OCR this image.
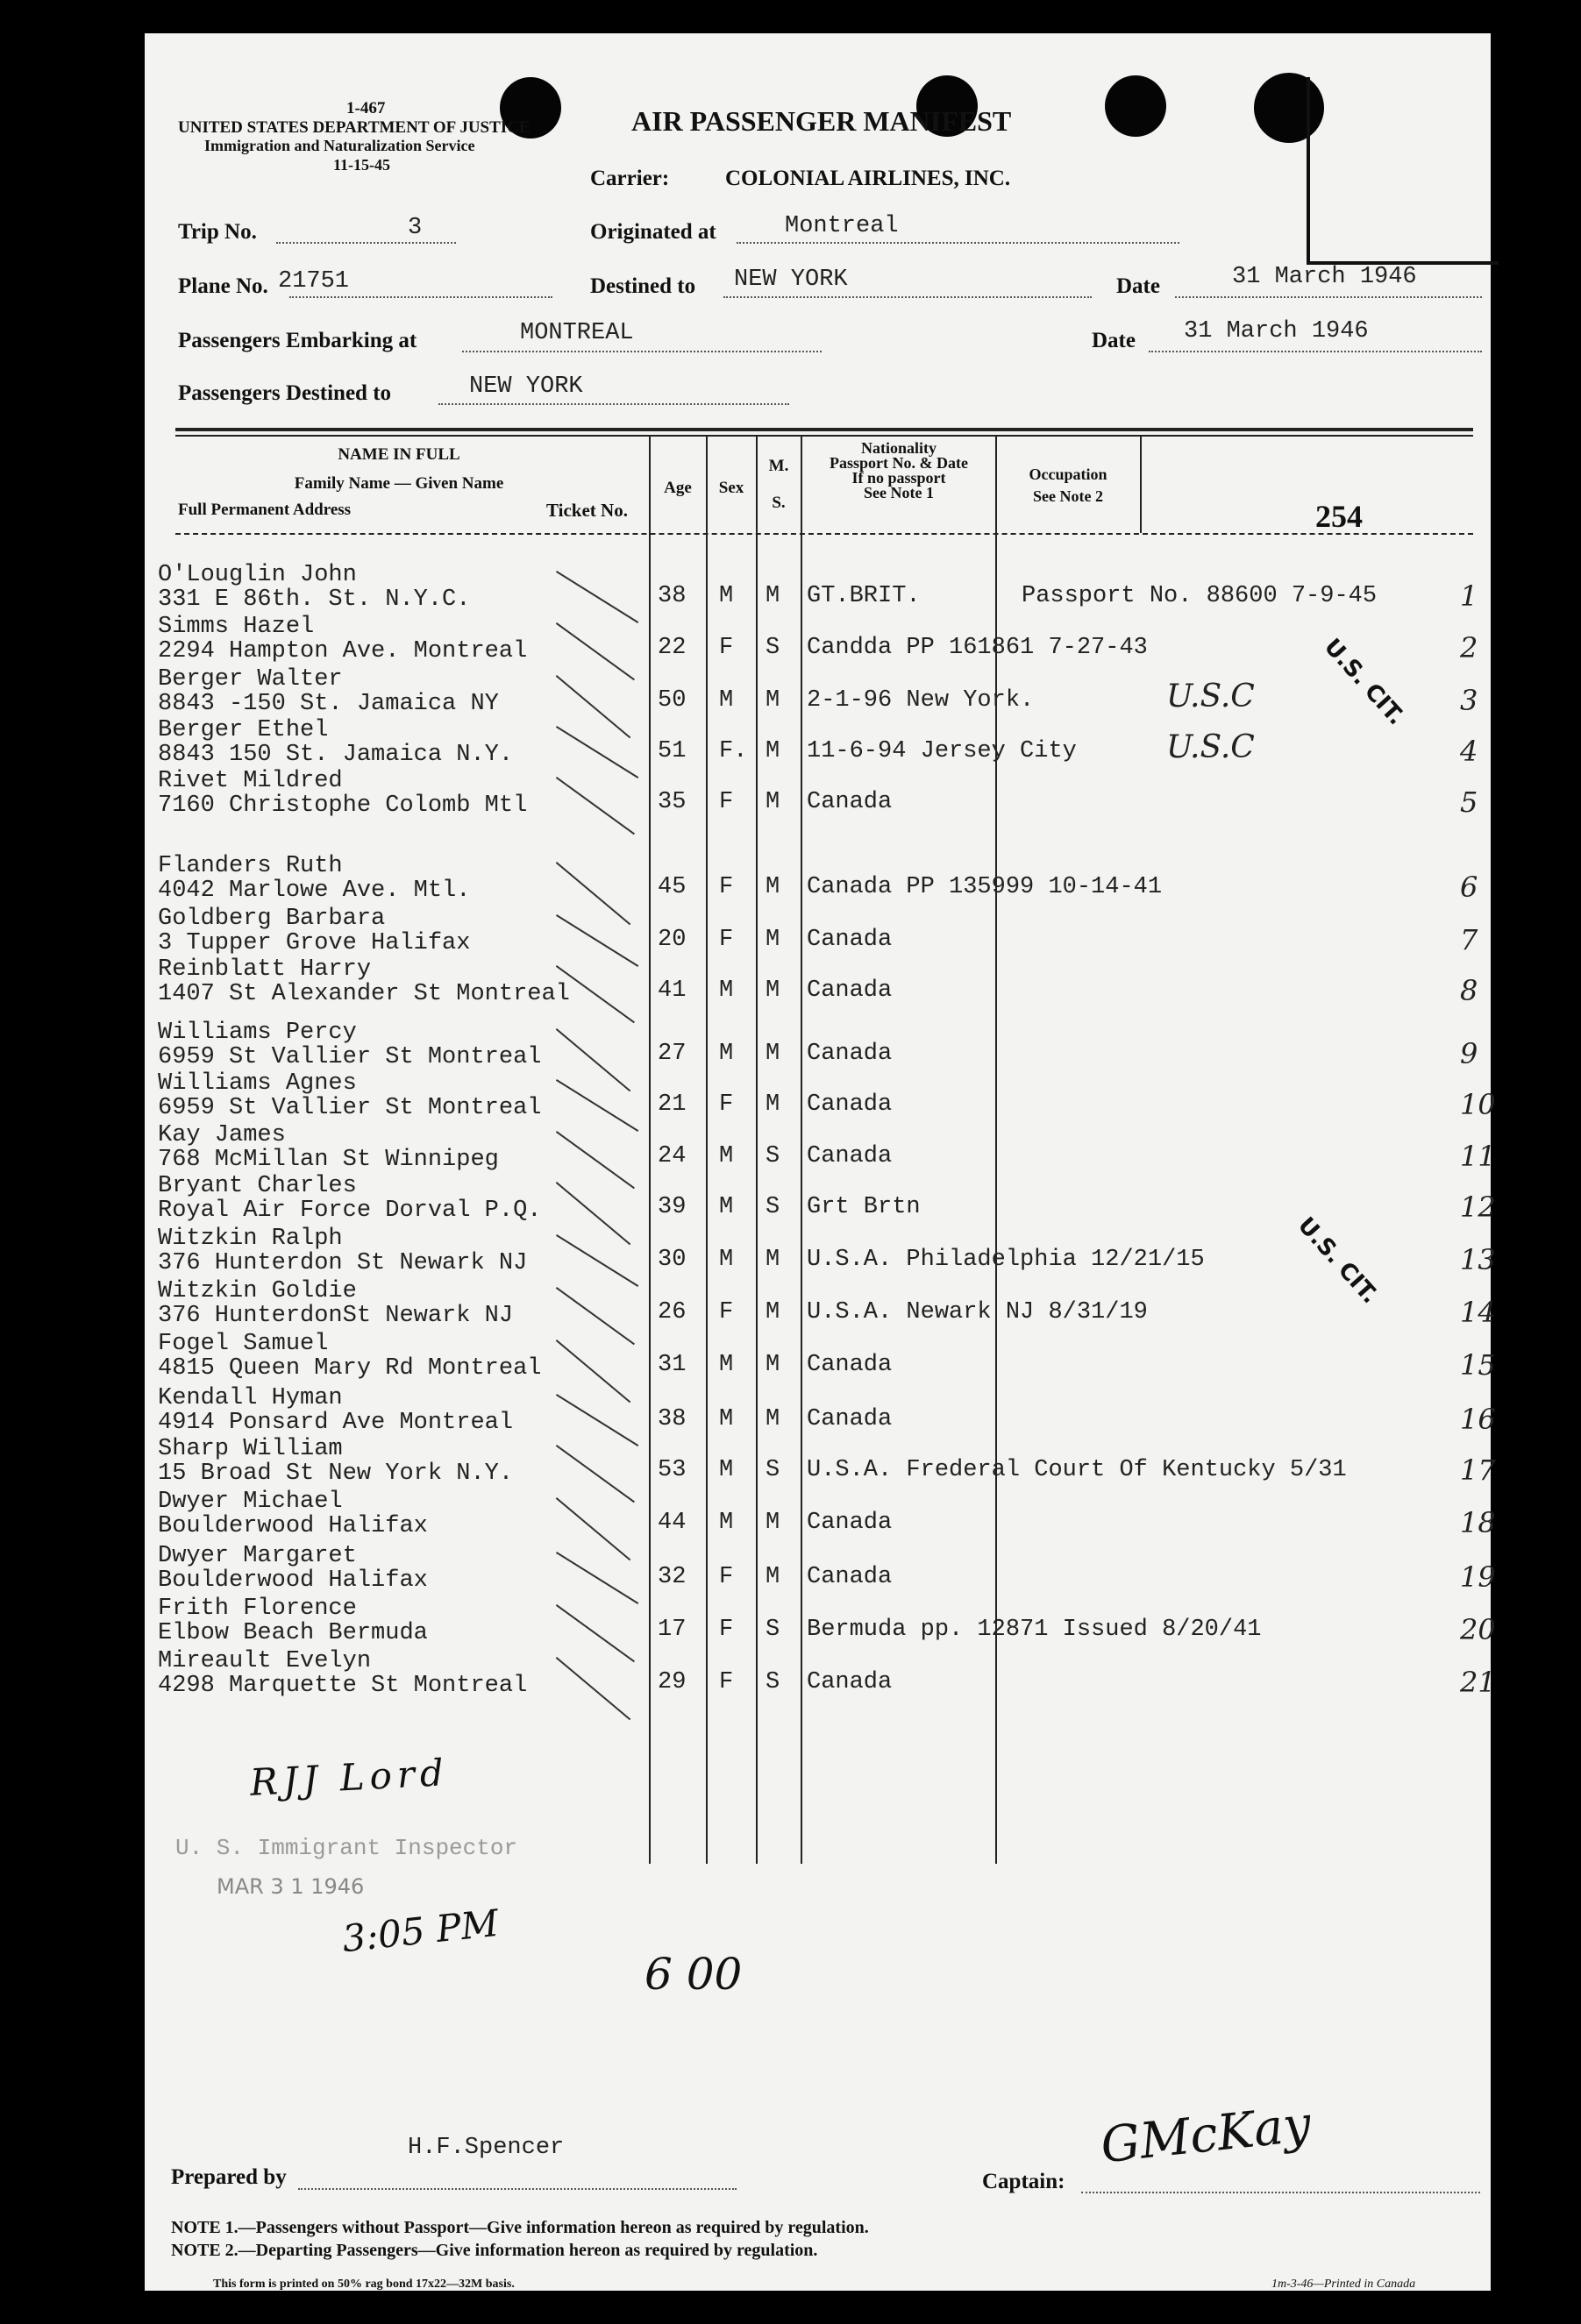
1-467
UNITED STATES DEPARTMENT OF JUSTICE
Immigration and Naturalization Service
11-15-45
AIR PASSENGER MANIFEST
Carrier:	COLONIAL AIRLINES, INC.
Trip No.	3	Originated at	Montreal
Plane No. 21751	Destined to NEW YORK	Date	31 March 1946
Passengers Embarking at	MONTREAL	Date 31 March 1946
Passengers Destined to	NEW YORK
NAME IN FULL
Family Name — Given Name
Full Permanent Address	Ticket No.
Age	Sex
M.
S.
Nationality
Passport No. & Date
If no passport
See Note 1
Occupation
See Note 2
254
O'Louglin John
331 E 86th. St. N.Y.C.	38 M M GT.BRIT.	Passport No. 88600 7-9-45	1
Simms Hazel
2294 Hampton Ave. Montreal	22 F S Candda PP 161861 7-27-43	2
Berger Walter
8843 -150 St. Jamaica NY	50 M M 2-1-96 New York.	U.S.C	3
Berger Ethel
8843 150 St. Jamaica N.Y.	51 F. M 11-6-94 Jersey City	U.S.C	4
Rivet Mildred
7160 Christophe Colomb Mtl	35 F M Canada	5
Flanders Ruth
4042 Marlowe Ave. Mtl.	45 F M Canada PP 135999 10-14-41	6
Goldberg Barbara
3 Tupper Grove Halifax	20 F M Canada	7
Reinblatt Harry
1407 St Alexander St Montreal	41 M M Canada	8
Williams Percy
6959 St Vallier St Montreal	27 M M Canada	9
Williams Agnes
6959 St Vallier St Montreal	21 F M Canada	10
Kay James
768 McMillan St Winnipeg	24 M S Canada	11
Bryant Charles
Royal Air Force Dorval P.Q.	39 M S Grt Brtn	12
Witzkin Ralph
376 Hunterdon St Newark NJ	30 M M U.S.A. Philadelphia 12/21/15	13
Witzkin Goldie
376 HunterdonSt Newark NJ	26 F M U.S.A. Newark NJ 8/31/19	14
Fogel Samuel
4815 Queen Mary Rd Montreal	31 M M Canada	15
Kendall Hyman
4914 Ponsard Ave Montreal	38 M M Canada	16
Sharp William
15 Broad St New York N.Y.	53 M S U.S.A. Frederal Court Of Kentucky 5/31	17
Dwyer Michael
Boulderwood Halifax	44 M M Canada	18
Dwyer Margaret
Boulderwood Halifax	32 F M Canada	19
Frith Florence
Elbow Beach Bermuda	17 F S Bermuda pp. 12871 Issued 8/20/41	20
Mireault Evelyn
4298 Marquette St Montreal	29 F S Canada	21
U.S. CIT.
U.S. CIT.
RJJ Lord
U. S. Immigrant Inspector
MAR 3 1 1946
3:05 PM
6 00
Prepared by
H.F.Spencer
Captain:
GMcKay
NOTE 1.—Passengers without Passport—Give information hereon as required by regulation.
NOTE 2.—Departing Passengers—Give information hereon as required by regulation.
This form is printed on 50% rag bond 17x22—32M basis.	1m-3-46—Printed in Canada
